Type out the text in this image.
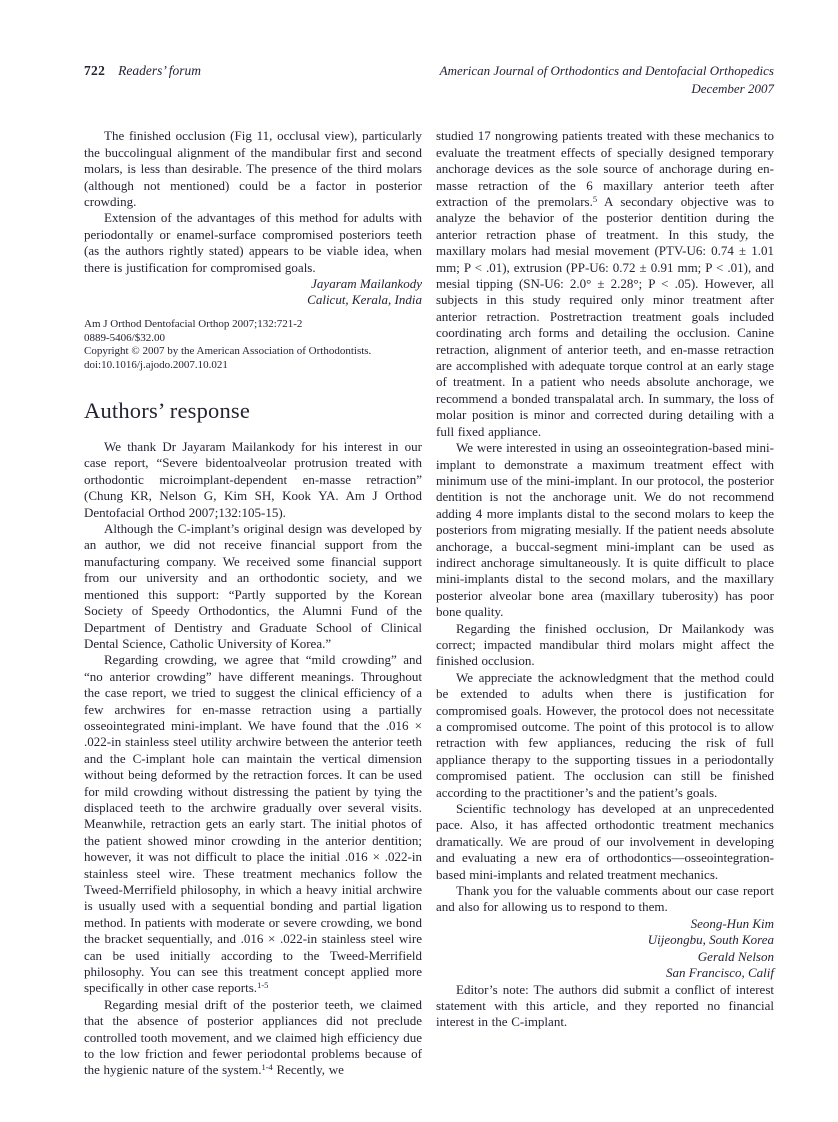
722 Readers’ forum	American Journal of Orthodontics and Dentofacial Orthopedics
December 2007

The finished occlusion (Fig 11, occlusal view), particularly the buccolingual alignment of the mandibular first and second molars, is less than desirable. The presence of the third molars (although not mentioned) could be a factor in posterior crowding.

Extension of the advantages of this method for adults with periodontally or enamel-surface compromised posteriors teeth (as the authors rightly stated) appears to be viable idea, when there is justification for compromised goals.

Jayaram Mailankody
Calicut, Kerala, India
Am J Orthod Dentofacial Orthop 2007;132:721-2
0889-5406/$32.00
Copyright © 2007 by the American Association of Orthodontists.
doi:10.1016/j.ajodo.2007.10.021
Authors’ response

We thank Dr Jayaram Mailankody for his interest in our case report, “Severe bidentoalveolar protrusion treated with orthodontic microimplant-dependent en-masse retraction” (Chung KR, Nelson G, Kim SH, Kook YA. Am J Orthod Dentofacial Orthod 2007;132:105-15).

Although the C-implant’s original design was developed by an author, we did not receive financial support from the manufacturing company. We received some financial support from our university and an orthodontic society, and we mentioned this support: “Partly supported by the Korean Society of Speedy Orthodontics, the Alumni Fund of the Department of Dentistry and Graduate School of Clinical Dental Science, Catholic University of Korea.”

Regarding crowding, we agree that “mild crowding” and “no anterior crowding” have different meanings. Throughout the case report, we tried to suggest the clinical efficiency of a few archwires for en-masse retraction using a partially osseointegrated mini-implant. We have found that the .016 × .022-in stainless steel utility archwire between the anterior teeth and the C-implant hole can maintain the vertical dimension without being deformed by the retraction forces. It can be used for mild crowding without distressing the patient by tying the displaced teeth to the archwire gradually over several visits. Meanwhile, retraction gets an early start. The initial photos of the patient showed minor crowding in the anterior dentition; however, it was not difficult to place the initial .016 × .022-in stainless steel wire. These treatment mechanics follow the Tweed-Merrifield philosophy, in which a heavy initial archwire is usually used with a sequential bonding and partial ligation method. In patients with moderate or severe crowding, we bond the bracket sequentially, and .016 × .022-in stainless steel wire can be used initially according to the Tweed-Merrifield philosophy. You can see this treatment concept applied more specifically in other case reports.$^{1-5}$

Regarding mesial drift of the posterior teeth, we claimed that the absence of posterior appliances did not preclude controlled tooth movement, and we claimed high efficiency due to the low friction and fewer periodontal problems because of the hygienic nature of the system.$^{1-4}$ Recently, we

studied 17 nongrowing patients treated with these mechanics to evaluate the treatment effects of specially designed temporary anchorage devices as the sole source of anchorage during en-masse retraction of the 6 maxillary anterior teeth after extraction of the premolars.$^5$ A secondary objective was to analyze the behavior of the posterior dentition during the anterior retraction phase of treatment. In this study, the maxillary molars had mesial movement (PTV-U6: 0.74 ± 1.01 mm; P < .01), extrusion (PP-U6: 0.72 ± 0.91 mm; P < .01), and mesial tipping (SN-U6: 2.0° ± 2.28°; P < .05). However, all subjects in this study required only minor treatment after anterior retraction. Postretraction treatment goals included coordinating arch forms and detailing the occlusion. Canine retraction, alignment of anterior teeth, and en-masse retraction are accomplished with adequate torque control at an early stage of treatment. In a patient who needs absolute anchorage, we recommend a bonded transpalatal arch. In summary, the loss of molar position is minor and corrected during detailing with a full fixed appliance.

We were interested in using an osseointegration-based mini-implant to demonstrate a maximum treatment effect with minimum use of the mini-implant. In our protocol, the posterior dentition is not the anchorage unit. We do not recommend adding 4 more implants distal to the second molars to keep the posteriors from migrating mesially. If the patient needs absolute anchorage, a buccal-segment mini-implant can be used as indirect anchorage simultaneously. It is quite difficult to place mini-implants distal to the second molars, and the maxillary posterior alveolar bone area (maxillary tuberosity) has poor bone quality.

Regarding the finished occlusion, Dr Mailankody was correct; impacted mandibular third molars might affect the finished occlusion.

We appreciate the acknowledgment that the method could be extended to adults when there is justification for compromised goals. However, the protocol does not necessitate a compromised outcome. The point of this protocol is to allow retraction with few appliances, reducing the risk of full appliance therapy to the supporting tissues in a periodontally compromised patient. The occlusion can still be finished according to the practitioner’s and the patient’s goals.

Scientific technology has developed at an unprecedented pace. Also, it has affected orthodontic treatment mechanics dramatically. We are proud of our involvement in developing and evaluating a new era of orthodontics—osseointegration-based mini-implants and related treatment mechanics.

Thank you for the valuable comments about our case report and also for allowing us to respond to them.

Seong-Hun Kim
Uijeongbu, South Korea
Gerald Nelson
San Francisco, Calif

Editor’s note: The authors did submit a conflict of interest statement with this article, and they reported no financial interest in the C-implant.
